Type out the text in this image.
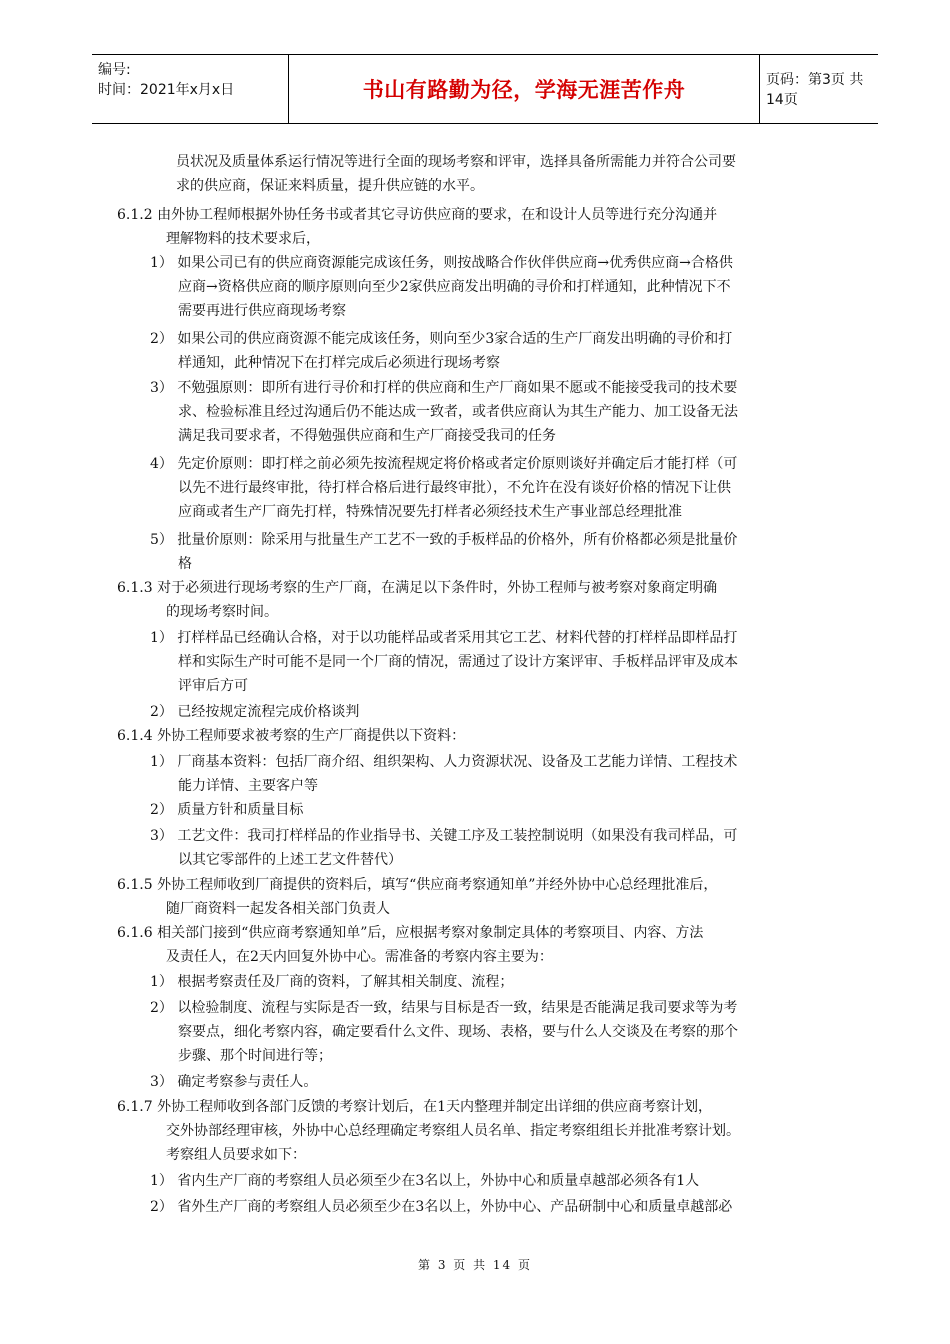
编号:
时间：2021年x月x日	书山有路勤为径，学海无涯苦作舟	页码：第3页 共14页
员状况及质量体系运行情况等进行全面的现场考察和评审，选择具备所需能力并符合公司要
求的供应商，保证来料质量，提升供应链的水平。
6.1.2 由外协工程师根据外协任务书或者其它寻访供应商的要求，在和设计人员等进行充分沟通并
理解物料的技术要求后，
1） 如果公司已有的供应商资源能完成该任务，则按战略合作伙伴供应商→优秀供应商→合格供
应商→资格供应商的顺序原则向至少2家供应商发出明确的寻价和打样通知，此种情况下不
需要再进行供应商现场考察
2） 如果公司的供应商资源不能完成该任务，则向至少3家合适的生产厂商发出明确的寻价和打
样通知，此种情况下在打样完成后必须进行现场考察
3） 不勉强原则：即所有进行寻价和打样的供应商和生产厂商如果不愿或不能接受我司的技术要
求、检验标准且经过沟通后仍不能达成一致者，或者供应商认为其生产能力、加工设备无法
满足我司要求者，不得勉强供应商和生产厂商接受我司的任务
4） 先定价原则：即打样之前必须先按流程规定将价格或者定价原则谈好并确定后才能打样（可
以先不进行最终审批，待打样合格后进行最终审批），不允许在没有谈好价格的情况下让供
应商或者生产厂商先打样，特殊情况要先打样者必须经技术生产事业部总经理批准
5） 批量价原则：除采用与批量生产工艺不一致的手板样品的价格外，所有价格都必须是批量价
格
6.1.3 对于必须进行现场考察的生产厂商，在满足以下条件时，外协工程师与被考察对象商定明确
的现场考察时间。
1） 打样样品已经确认合格，对于以功能样品或者采用其它工艺、材料代替的打样样品即样品打
样和实际生产时可能不是同一个厂商的情况，需通过了设计方案评审、手板样品评审及成本
评审后方可
2） 已经按规定流程完成价格谈判
6.1.4 外协工程师要求被考察的生产厂商提供以下资料：
1） 厂商基本资料：包括厂商介绍、组织架构、人力资源状况、设备及工艺能力详情、工程技术
能力详情、主要客户等
2） 质量方针和质量目标
3） 工艺文件：我司打样样品的作业指导书、关键工序及工装控制说明（如果没有我司样品，可
以其它零部件的上述工艺文件替代）
6.1.5 外协工程师收到厂商提供的资料后，填写“供应商考察通知单”并经外协中心总经理批准后，
随厂商资料一起发各相关部门负责人
6.1.6 相关部门接到“供应商考察通知单”后，应根据考察对象制定具体的考察项目、内容、方法
及责任人，在2天内回复外协中心。需准备的考察内容主要为：
1） 根据考察责任及厂商的资料，了解其相关制度、流程；
2） 以检验制度、流程与实际是否一致，结果与目标是否一致，结果是否能满足我司要求等为考
察要点，细化考察内容，确定要看什么文件、现场、表格，要与什么人交谈及在考察的那个
步骤、那个时间进行等；
3） 确定考察参与责任人。
6.1.7 外协工程师收到各部门反馈的考察计划后，在1天内整理并制定出详细的供应商考察计划，
交外协部经理审核，外协中心总经理确定考察组人员名单、指定考察组组长并批准考察计划。
考察组人员要求如下：
1） 省内生产厂商的考察组人员必须至少在3名以上，外协中心和质量卓越部必须各有1人
2） 省外生产厂商的考察组人员必须至少在3名以上，外协中心、产品研制中心和质量卓越部必
第 3 页 共 14 页
